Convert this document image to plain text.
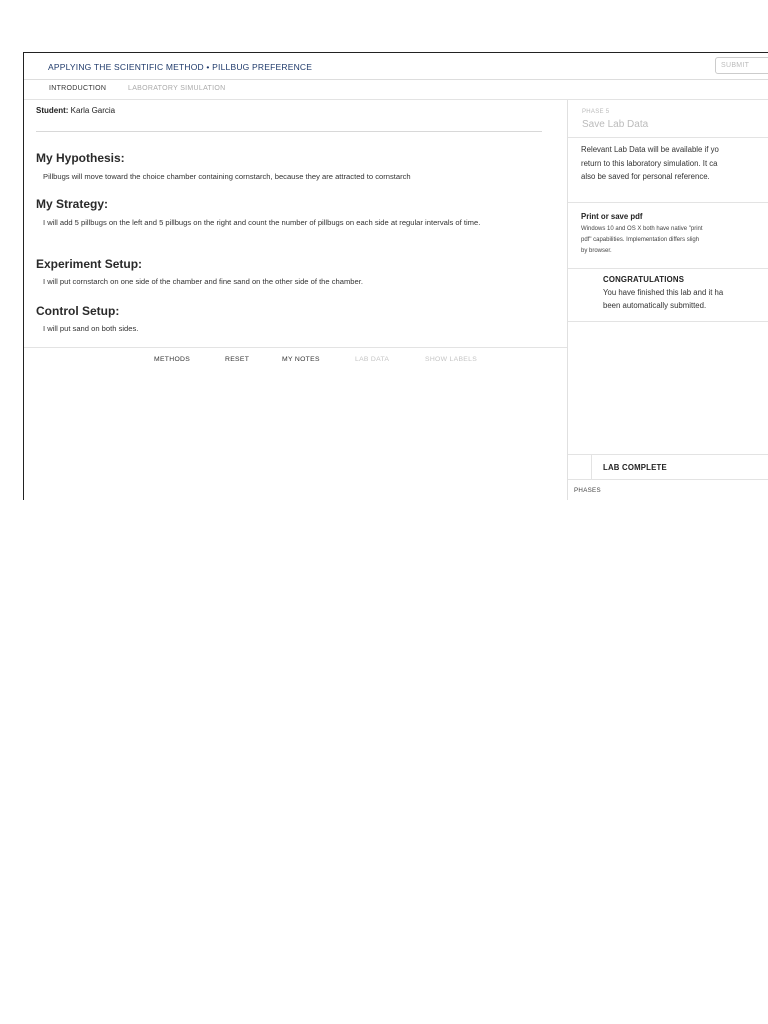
APPLYING THE SCIENTIFIC METHOD • PILLBUG PREFERENCE	SUBMIT
INTRODUCTION	LABORATORY SIMULATION
Student: Karla Garcia
My Hypothesis:
Pillbugs will move toward the choice chamber containing cornstarch, because they are attracted to cornstarch
My Strategy:
I will add 5 pillbugs on the left and 5 pillbugs on the right and count the number of pillbugs on each side at regular intervals of time.
Experiment Setup:
I will put cornstarch on one side of the chamber and fine sand on the other side of the chamber.
Control Setup:
I will put sand on both sides.
METHODS	RESET	MY NOTES	LAB DATA	SHOW LABELS
PHASE 5
Save Lab Data
Relevant Lab Data will be available if yo
return to this laboratory simulation. It ca
also be saved for personal reference.
Print or save pdf
Windows 10 and OS X both have native "print
pdf" capabilities. Implementation differs sligh
by browser.
CONGRATULATIONS
You have finished this lab and it ha
been automatically submitted.
LAB COMPLETE
PHASES
